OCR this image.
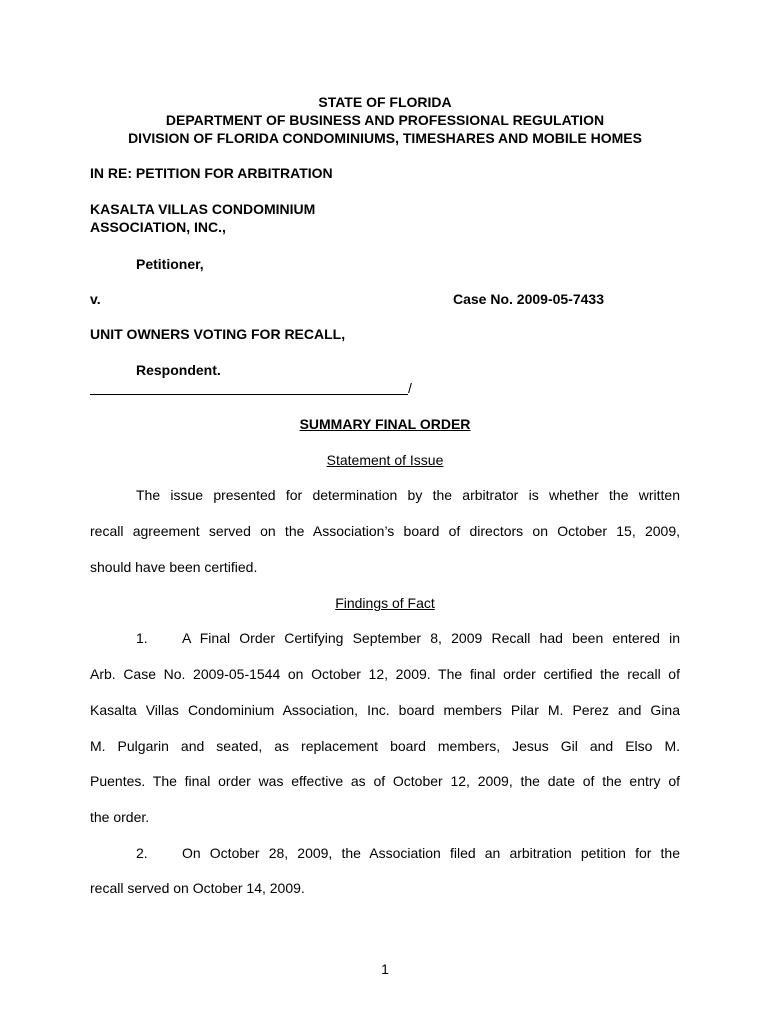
STATE OF FLORIDA
DEPARTMENT OF BUSINESS AND PROFESSIONAL REGULATION
DIVISION OF FLORIDA CONDOMINIUMS, TIMESHARES AND MOBILE HOMES
IN RE: PETITION FOR ARBITRATION
KASALTA VILLAS CONDOMINIUM
ASSOCIATION, INC.,
Petitioner,
v.	Case No. 2009-05-7433
UNIT OWNERS VOTING FOR RECALL,
Respondent.
/
SUMMARY FINAL ORDER
Statement of Issue
The issue presented for determination by the arbitrator is whether the written
recall agreement served on the Association’s board of directors on October 15, 2009,
should have been certified.
Findings of Fact
1. A Final Order Certifying September 8, 2009 Recall had been entered in
Arb. Case No. 2009-05-1544 on October 12, 2009. The final order certified the recall of
Kasalta Villas Condominium Association, Inc. board members Pilar M. Perez and Gina
M. Pulgarin and seated, as replacement board members, Jesus Gil and Elso M.
Puentes. The final order was effective as of October 12, 2009, the date of the entry of
the order.
2. On October 28, 2009, the Association filed an arbitration petition for the
recall served on October 14, 2009.
1
